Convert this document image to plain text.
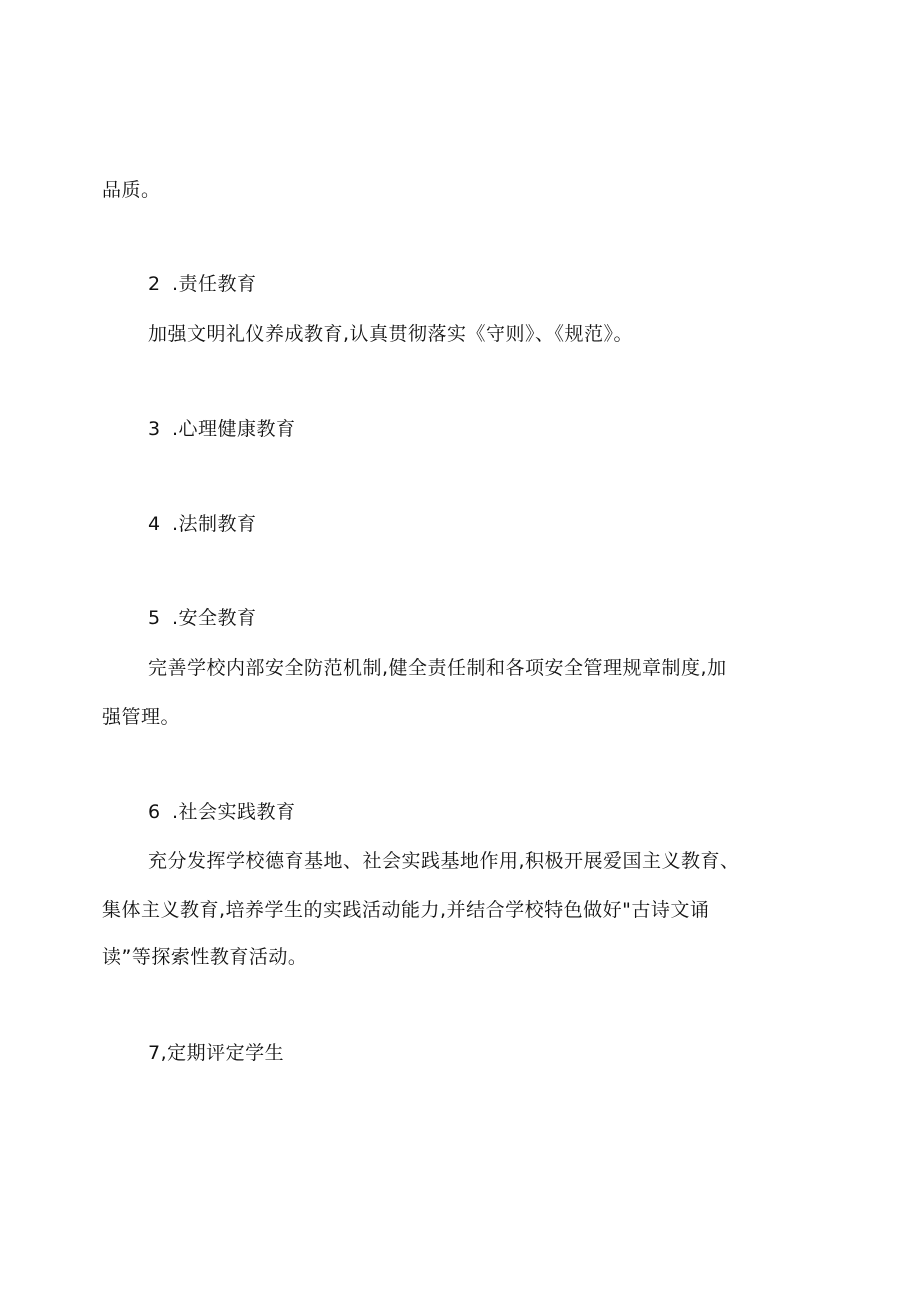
品质。
2 .责任教育
加强文明礼仪养成教育,认真贯彻落实《守则》、《规范》。
3 .心理健康教育
4 .法制教育
5 .安全教育
完善学校内部安全防范机制,健全责任制和各项安全管理规章制度,加
强管理。
6 .社会实践教育
充分发挥学校德育基地、社会实践基地作用,积极开展爱国主义教育、
集体主义教育,培养学生的实践活动能力,并结合学校特色做好"古诗文诵
读”等探索性教育活动。
7,定期评定学生
